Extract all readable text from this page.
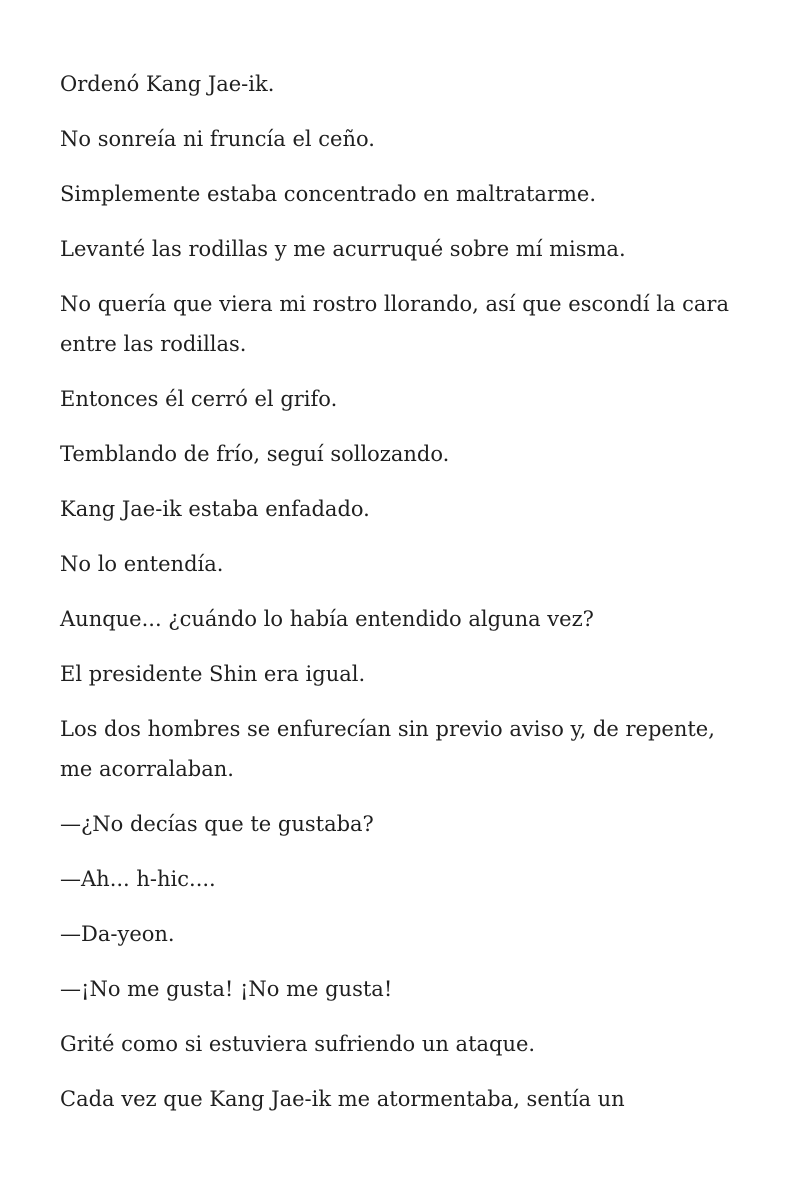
Ordenó Kang Jae-ik.

No sonreía ni fruncía el ceño.

Simplemente estaba concentrado en maltratarme.

Levanté las rodillas y me acurruqué sobre mí misma.

No quería que viera mi rostro llorando, así que escondí la cara entre las rodillas.

Entonces él cerró el grifo.

Temblando de frío, seguí sollozando.

Kang Jae-ik estaba enfadado.

No lo entendía.

Aunque... ¿cuándo lo había entendido alguna vez?

El presidente Shin era igual.

Los dos hombres se enfurecían sin previo aviso y, de repente, me acorralaban.

—¿No decías que te gustaba?

—Ah... h-hic....

—Da-yeon.

—¡No me gusta! ¡No me gusta!

Grité como si estuviera sufriendo un ataque.

Cada vez que Kang Jae-ik me atormentaba, sentía un
